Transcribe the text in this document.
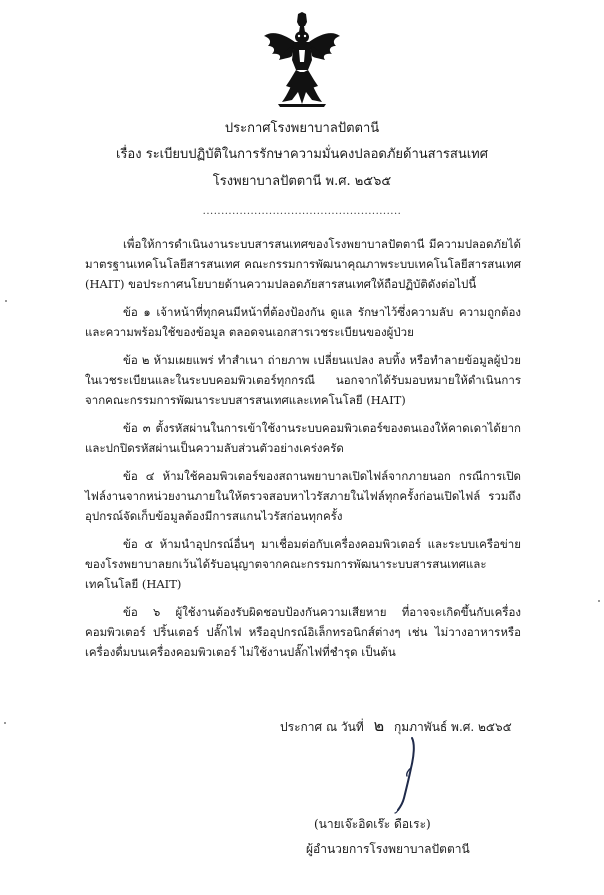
ประกาศโรงพยาบาลปัตตานี
เรื่อง ระเบียบปฏิบัติในการรักษาความมั่นคงปลอดภัยด้านสารสนเทศ
โรงพยาบาลปัตตานี พ.ศ. ๒๕๖๕
......................................................

เพื่อให้การดำเนินงานระบบสารสนเทศของโรงพยาบาลปัตตานี มีความปลอดภัยได้มาตรฐานเทคโนโลยีสารสนเทศ คณะกรรมการพัฒนาคุณภาพระบบเทคโนโลยีสารสนเทศ (HAIT) ขอประกาศนโยบายด้านความปลอดภัยสารสนเทศให้ถือปฏิบัติดังต่อไปนี้

ข้อ ๑ เจ้าหน้าที่ทุกคนมีหน้าที่ต้องป้องกัน ดูแล รักษาไว้ซึ่งความลับ ความถูกต้อง และความพร้อมใช้ของข้อมูล ตลอดจนเอกสารเวชระเบียนของผู้ป่วย

ข้อ ๒ ห้ามเผยแพร่ ทำสำเนา ถ่ายภาพ เปลี่ยนแปลง ลบทิ้ง หรือทำลายข้อมูลผู้ป่วย ในเวชระเบียนและในระบบคอมพิวเตอร์ทุกกรณี นอกจากได้รับมอบหมายให้ดำเนินการจากคณะกรรมการพัฒนาระบบสารสนเทศและเทคโนโลยี (HAIT)

ข้อ ๓ ตั้งรหัสผ่านในการเข้าใช้งานระบบคอมพิวเตอร์ของตนเองให้คาดเดาได้ยาก และปกปิดรหัสผ่านเป็นความลับส่วนตัวอย่างเคร่งครัด

ข้อ ๔ ห้ามใช้คอมพิวเตอร์ของสถานพยาบาลเปิดไฟล์จากภายนอก กรณีการเปิดไฟล์งานจากหน่วยงานภายในให้ตรวจสอบหาไวรัสภายในไฟล์ทุกครั้งก่อนเปิดไฟล์ รวมถึงอุปกรณ์จัดเก็บข้อมูลต้องมีการสแกนไวรัสก่อนทุกครั้ง

ข้อ ๕ ห้ามนำอุปกรณ์อื่นๆ มาเชื่อมต่อกับเครื่องคอมพิวเตอร์ และระบบเครือข่ายของโรงพยาบาลยกเว้นได้รับอนุญาตจากคณะกรรมการพัฒนาระบบสารสนเทศและเทคโนโลยี (HAIT)

ข้อ ๖ ผู้ใช้งานต้องรับผิดชอบป้องกันความเสียหาย ที่อาจจะเกิดขึ้นกับเครื่องคอมพิวเตอร์ ปริ้นเตอร์ ปลั๊กไฟ หรืออุปกรณ์อิเล็กทรอนิกส์ต่างๆ เช่น ไม่วางอาหารหรือเครื่องดื่มบนเครื่องคอมพิวเตอร์ ไม่ใช้งานปลั๊กไฟที่ชำรุด เป็นต้น

ประกาศ ณ วันที่ ๒ กุมภาพันธ์ พ.ศ. ๒๕๖๕
(นายเจ๊ะอิดเร๊ะ ดือเระ)
ผู้อำนวยการโรงพยาบาลปัตตานี
